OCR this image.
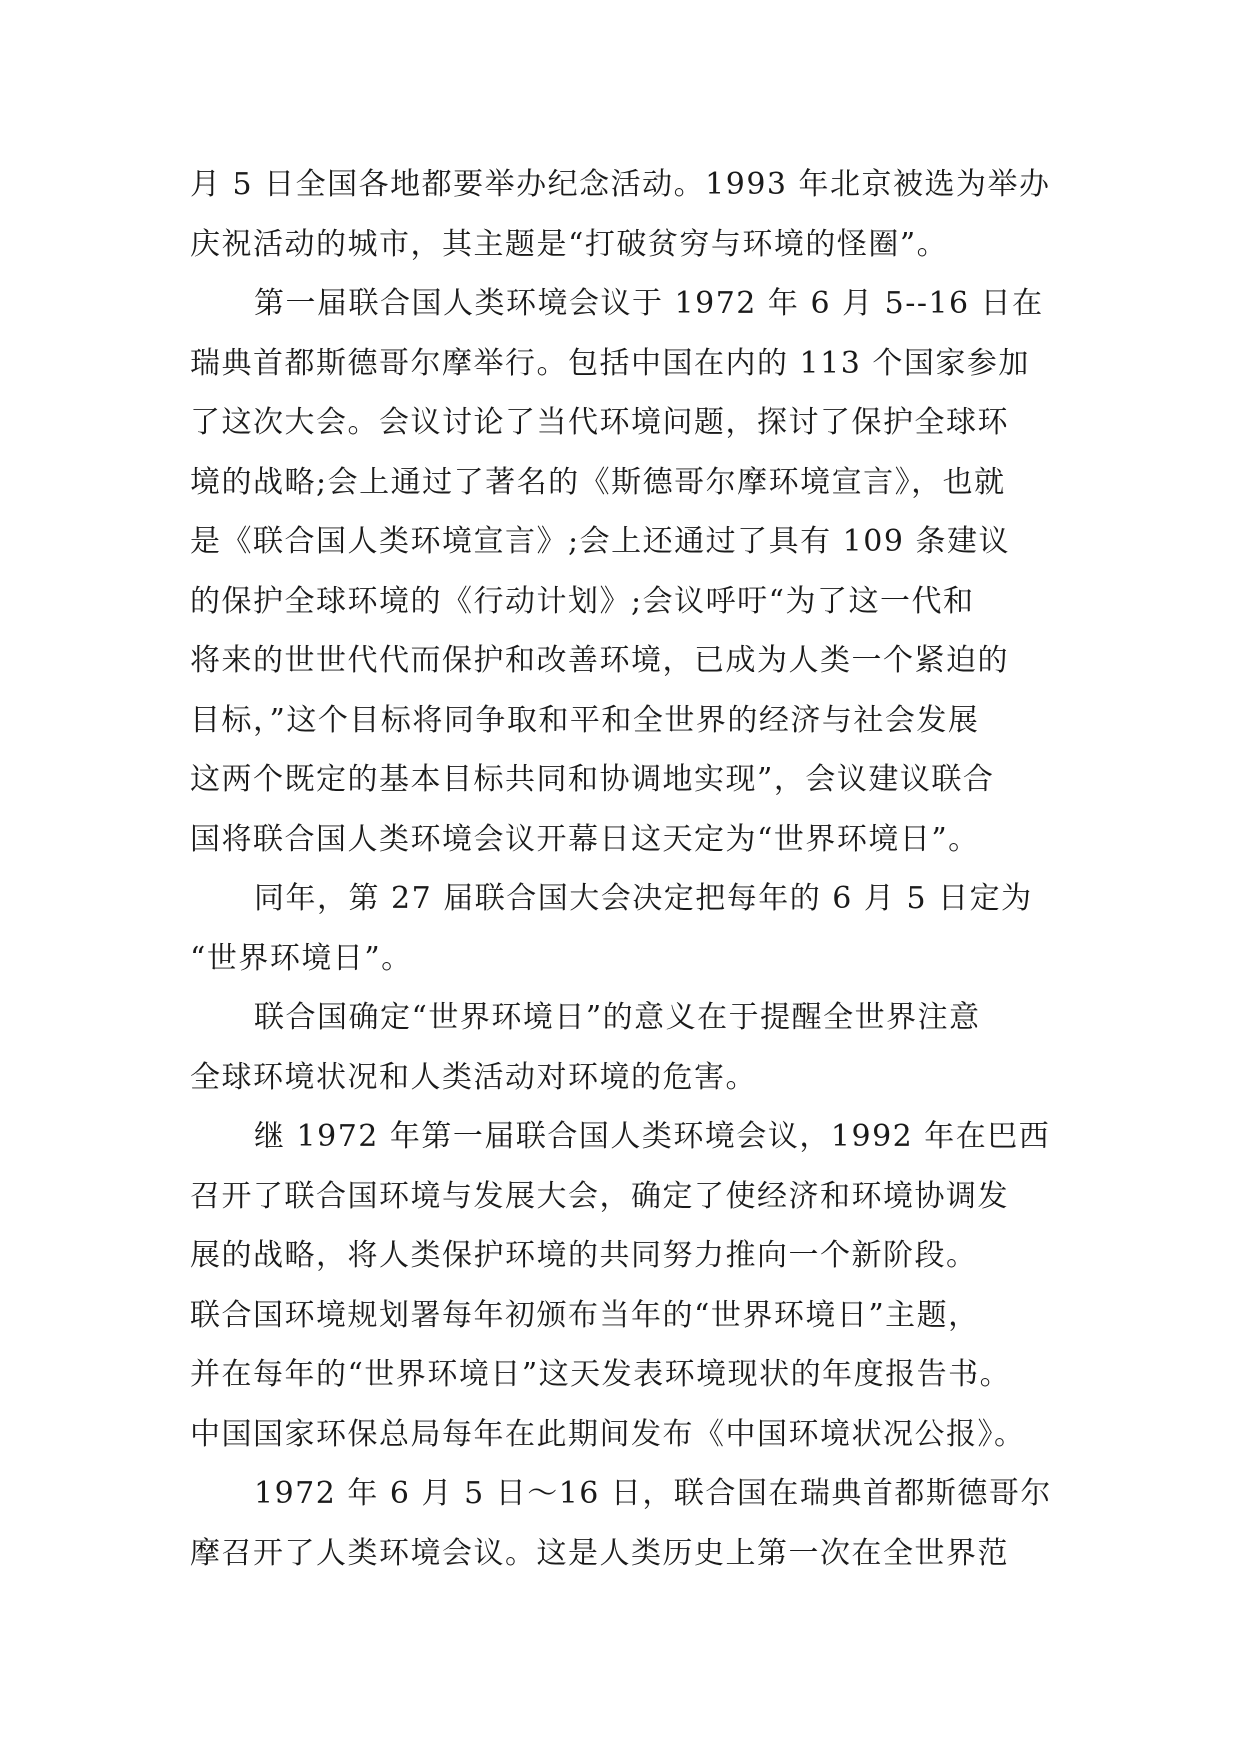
月 5 日全国各地都要举办纪念活动。1993 年北京被选为举办
庆祝活动的城市，其主题是“打破贫穷与环境的怪圈”。
第一届联合国人类环境会议于 1972 年 6 月 5--16 日在
瑞典首都斯德哥尔摩举行。包括中国在内的 113 个国家参加
了这次大会。会议讨论了当代环境问题，探讨了保护全球环
境的战略;会上通过了著名的《斯德哥尔摩环境宣言》，也就
是《联合国人类环境宣言》;会上还通过了具有 109 条建议
的保护全球环境的《行动计划》;会议呼吁“为了这一代和
将来的世世代代而保护和改善环境，已成为人类一个紧迫的
目标，”这个目标将同争取和平和全世界的经济与社会发展
这两个既定的基本目标共同和协调地实现”，会议建议联合
国将联合国人类环境会议开幕日这天定为“世界环境日”。
同年，第 27 届联合国大会决定把每年的 6 月 5 日定为
“世界环境日”。
联合国确定“世界环境日”的意义在于提醒全世界注意
全球环境状况和人类活动对环境的危害。
继 1972 年第一届联合国人类环境会议，1992 年在巴西
召开了联合国环境与发展大会，确定了使经济和环境协调发
展的战略，将人类保护环境的共同努力推向一个新阶段。
联合国环境规划署每年初颁布当年的“世界环境日”主题，
并在每年的“世界环境日”这天发表环境现状的年度报告书。
中国国家环保总局每年在此期间发布《中国环境状况公报》。
1972 年 6 月 5 日～16 日，联合国在瑞典首都斯德哥尔
摩召开了人类环境会议。这是人类历史上第一次在全世界范
